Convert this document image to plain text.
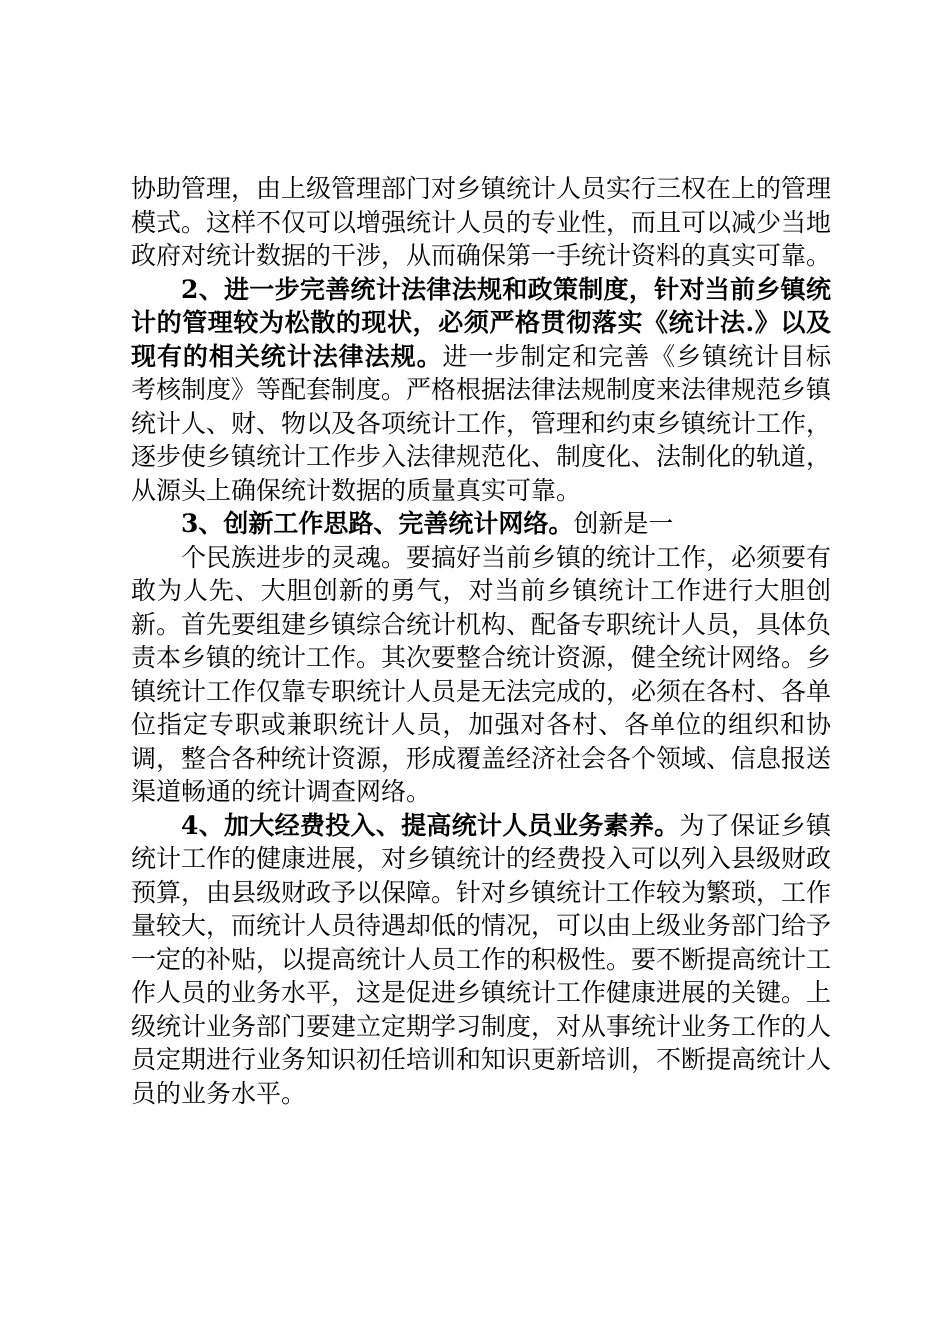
协助管理，由上级管理部门对乡镇统计人员实行三权在上的管理模式。这样不仅可以增强统计人员的专业性，而且可以减少当地政府对统计数据的干涉，从而确保第一手统计资料的真实可靠。

2、进一步完善统计法律法规和政策制度，针对当前乡镇统计的管理较为松散的现状，必须严格贯彻落实《统计法.》以及现有的相关统计法律法规。进一步制定和完善《乡镇统计目标考核制度》等配套制度。严格根据法律法规制度来法律规范乡镇统计人、财、物以及各项统计工作，管理和约束乡镇统计工作，逐步使乡镇统计工作步入法律规范化、制度化、法制化的轨道，从源头上确保统计数据的质量真实可靠。

3、创新工作思路、完善统计网络。创新是一

个民族进步的灵魂。要搞好当前乡镇的统计工作，必须要有敢为人先、大胆创新的勇气，对当前乡镇统计工作进行大胆创新。首先要组建乡镇综合统计机构、配备专职统计人员，具体负责本乡镇的统计工作。其次要整合统计资源，健全统计网络。乡镇统计工作仅靠专职统计人员是无法完成的，必须在各村、各单位指定专职或兼职统计人员，加强对各村、各单位的组织和协调，整合各种统计资源，形成覆盖经济社会各个领域、信息报送渠道畅通的统计调查网络。

4、加大经费投入、提高统计人员业务素养。为了保证乡镇统计工作的健康进展，对乡镇统计的经费投入可以列入县级财政预算，由县级财政予以保障。针对乡镇统计工作较为繁琐，工作量较大，而统计人员待遇却低的情况，可以由上级业务部门给予一定的补贴，以提高统计人员工作的积极性。要不断提高统计工作人员的业务水平，这是促进乡镇统计工作健康进展的关键。上级统计业务部门要建立定期学习制度，对从事统计业务工作的人员定期进行业务知识初任培训和知识更新培训，不断提高统计人员的业务水平。
